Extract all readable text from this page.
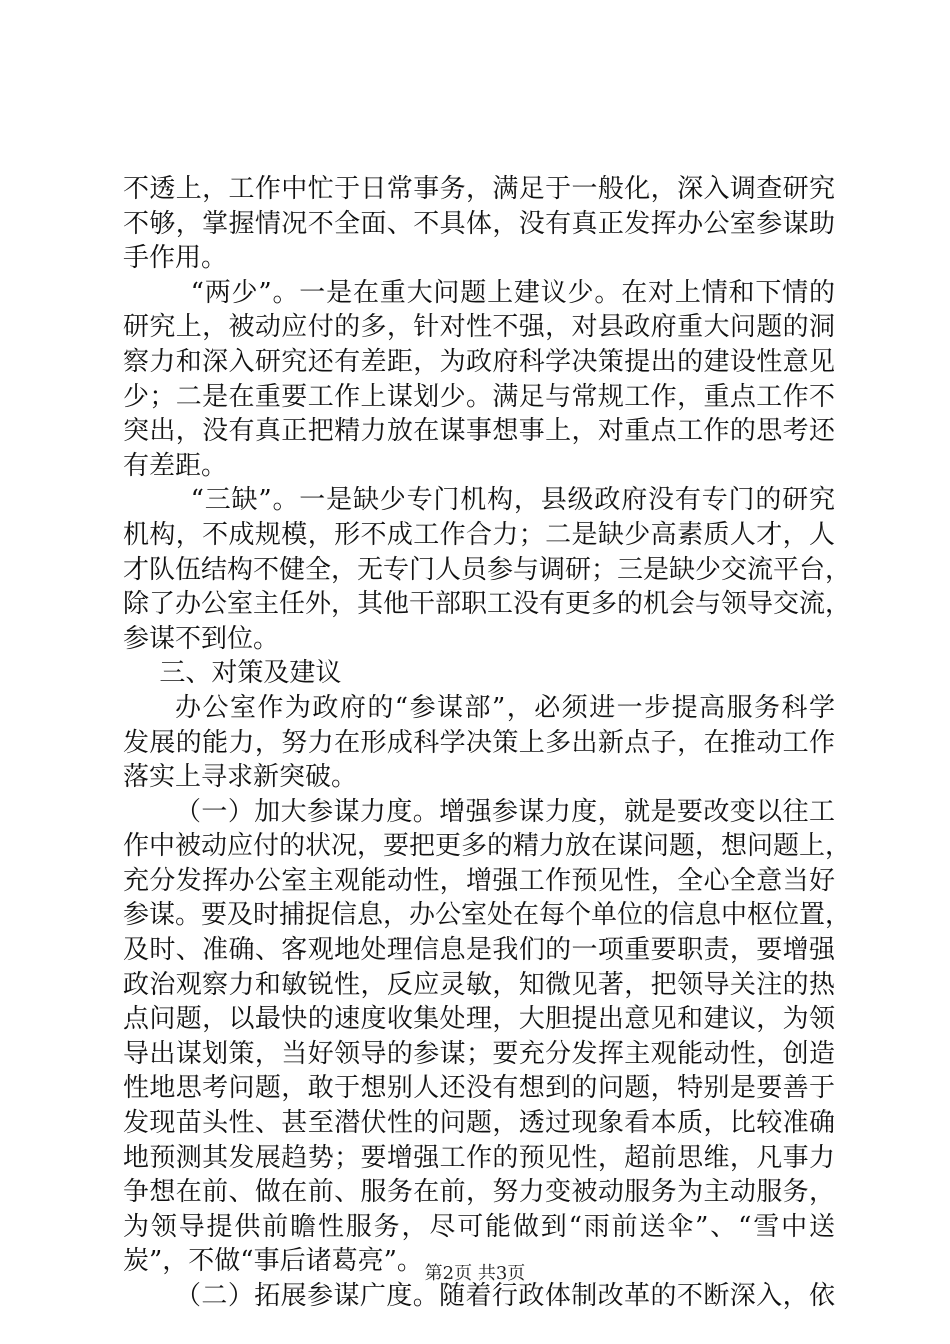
不透上，工作中忙于日常事务，满足于一般化，深入调查研究
不够，掌握情况不全面、不具体，没有真正发挥办公室参谋助
手作用。
“两少”。一是在重大问题上建议少。在对上情和下情的
研究上，被动应付的多，针对性不强，对县政府重大问题的洞
察力和深入研究还有差距，为政府科学决策提出的建设性意见
少；二是在重要工作上谋划少。满足与常规工作，重点工作不
突出，没有真正把精力放在谋事想事上，对重点工作的思考还
有差距。
“三缺”。一是缺少专门机构，县级政府没有专门的研究
机构，不成规模，形不成工作合力；二是缺少高素质人才，人
才队伍结构不健全，无专门人员参与调研；三是缺少交流平台，
除了办公室主任外，其他干部职工没有更多的机会与领导交流，
参谋不到位。
三、对策及建议
办公室作为政府的“参谋部”，必须进一步提高服务科学
发展的能力，努力在形成科学决策上多出新点子，在推动工作
落实上寻求新突破。
（一）加大参谋力度。增强参谋力度，就是要改变以往工
作中被动应付的状况，要把更多的精力放在谋问题，想问题上，
充分发挥办公室主观能动性，增强工作预见性，全心全意当好
参谋。要及时捕捉信息，办公室处在每个单位的信息中枢位置，
及时、准确、客观地处理信息是我们的一项重要职责，要增强
政治观察力和敏锐性，反应灵敏，知微见著，把领导关注的热
点问题，以最快的速度收集处理，大胆提出意见和建议，为领
导出谋划策，当好领导的参谋；要充分发挥主观能动性，创造
性地思考问题，敢于想别人还没有想到的问题，特别是要善于
发现苗头性、甚至潜伏性的问题，透过现象看本质，比较准确
地预测其发展趋势；要增强工作的预见性，超前思维，凡事力
争想在前、做在前、服务在前，努力变被动服务为主动服务，
为领导提供前瞻性服务，尽可能做到“雨前送伞”、“雪中送
炭”，不做“事后诸葛亮”。
（二）拓展参谋广度。随着行政体制改革的不断深入，依
第2页 共3页
